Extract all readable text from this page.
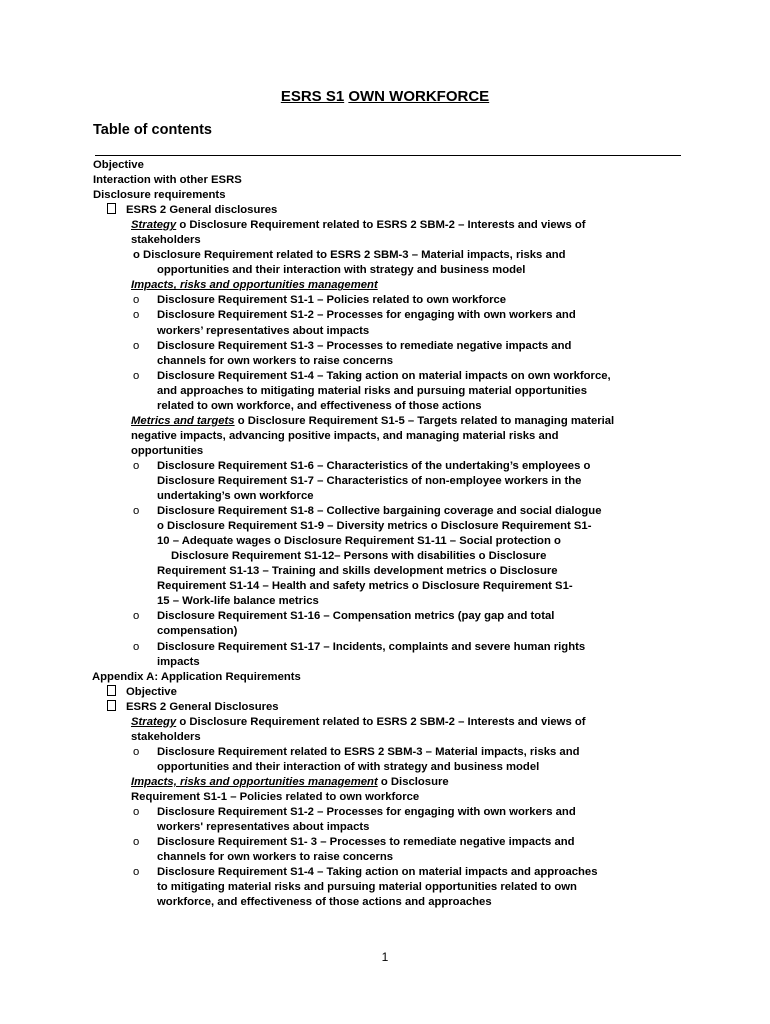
ESRS S1 OWN WORKFORCE
Table of contents
Objective
Interaction with other ESRS
Disclosure requirements
ESRS 2 General disclosures
Strategy o Disclosure Requirement related to ESRS 2 SBM-2 – Interests and views of
stakeholders
o Disclosure Requirement related to ESRS 2 SBM-3 – Material impacts, risks and
opportunities and their interaction with strategy and business model
Impacts, risks and opportunities management
o Disclosure Requirement S1-1 – Policies related to own workforce
o Disclosure Requirement S1-2 – Processes for engaging with own workers and
workers’ representatives about impacts
o Disclosure Requirement S1-3 – Processes to remediate negative impacts and
channels for own workers to raise concerns
o Disclosure Requirement S1-4 – Taking action on material impacts on own workforce,
and approaches to mitigating material risks and pursuing material opportunities
related to own workforce, and effectiveness of those actions
Metrics and targets o Disclosure Requirement S1-5 – Targets related to managing material
negative impacts, advancing positive impacts, and managing material risks and
opportunities
o Disclosure Requirement S1-6 – Characteristics of the undertaking’s employees o
Disclosure Requirement S1-7 – Characteristics of non-employee workers in the
undertaking’s own workforce
o Disclosure Requirement S1-8 – Collective bargaining coverage and social dialogue
o Disclosure Requirement S1-9 – Diversity metrics o Disclosure Requirement S1-
10 – Adequate wages o Disclosure Requirement S1-11 – Social protection o
Disclosure Requirement S1-12– Persons with disabilities o Disclosure
Requirement S1-13 – Training and skills development metrics o Disclosure
Requirement S1-14 – Health and safety metrics o Disclosure Requirement S1-
15 – Work-life balance metrics
o Disclosure Requirement S1-16 – Compensation metrics (pay gap and total
compensation)
o Disclosure Requirement S1-17 – Incidents, complaints and severe human rights
impacts
Appendix A: Application Requirements
Objective
ESRS 2 General Disclosures
Strategy o Disclosure Requirement related to ESRS 2 SBM-2 – Interests and views of
stakeholders
o Disclosure Requirement related to ESRS 2 SBM-3 – Material impacts, risks and
opportunities and their interaction of with strategy and business model
Impacts, risks and opportunities management o Disclosure
Requirement S1-1 – Policies related to own workforce
o Disclosure Requirement S1-2 – Processes for engaging with own workers and
workers' representatives about impacts
o Disclosure Requirement S1- 3 – Processes to remediate negative impacts and
channels for own workers to raise concerns
o Disclosure Requirement S1-4 – Taking action on material impacts and approaches
to mitigating material risks and pursuing material opportunities related to own
workforce, and effectiveness of those actions and approaches
1
